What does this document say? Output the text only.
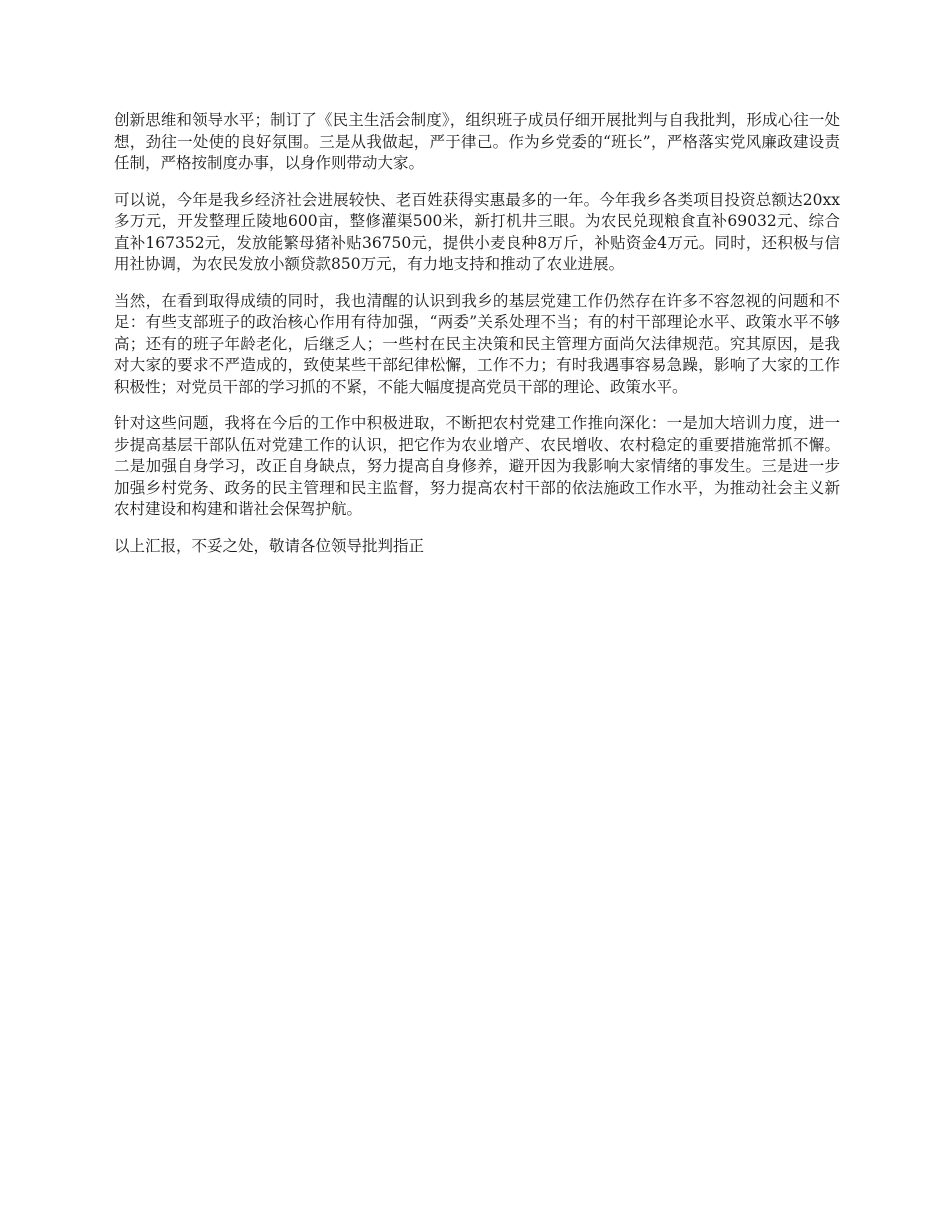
创新思维和领导水平；制订了《民主生活会制度》，组织班子成员仔细开展批判与自我批判，形成心往一处想，劲往一处使的良好氛围。三是从我做起，严于律己。作为乡党委的“班长”，严格落实党风廉政建设责任制，严格按制度办事，以身作则带动大家。

可以说，今年是我乡经济社会进展较快、老百姓获得实惠最多的一年。今年我乡各类项目投资总额达20xx多万元，开发整理丘陵地600亩，整修灌渠500米，新打机井三眼。为农民兑现粮食直补69032元、综合直补167352元，发放能繁母猪补贴36750元，提供小麦良种8万斤，补贴资金4万元。同时，还积极与信用社协调，为农民发放小额贷款850万元，有力地支持和推动了农业进展。

当然，在看到取得成绩的同时，我也清醒的认识到我乡的基层党建工作仍然存在许多不容忽视的问题和不足：有些支部班子的政治核心作用有待加强，“两委”关系处理不当；有的村干部理论水平、政策水平不够高；还有的班子年龄老化，后继乏人；一些村在民主决策和民主管理方面尚欠法律规范。究其原因，是我对大家的要求不严造成的，致使某些干部纪律松懈，工作不力；有时我遇事容易急躁，影响了大家的工作积极性；对党员干部的学习抓的不紧，不能大幅度提高党员干部的理论、政策水平。

针对这些问题，我将在今后的工作中积极进取，不断把农村党建工作推向深化：一是加大培训力度，进一步提高基层干部队伍对党建工作的认识，把它作为农业增产、农民增收、农村稳定的重要措施常抓不懈。二是加强自身学习，改正自身缺点，努力提高自身修养，避开因为我影响大家情绪的事发生。三是进一步加强乡村党务、政务的民主管理和民主监督，努力提高农村干部的依法施政工作水平，为推动社会主义新农村建设和构建和谐社会保驾护航。

以上汇报，不妥之处，敬请各位领导批判指正
